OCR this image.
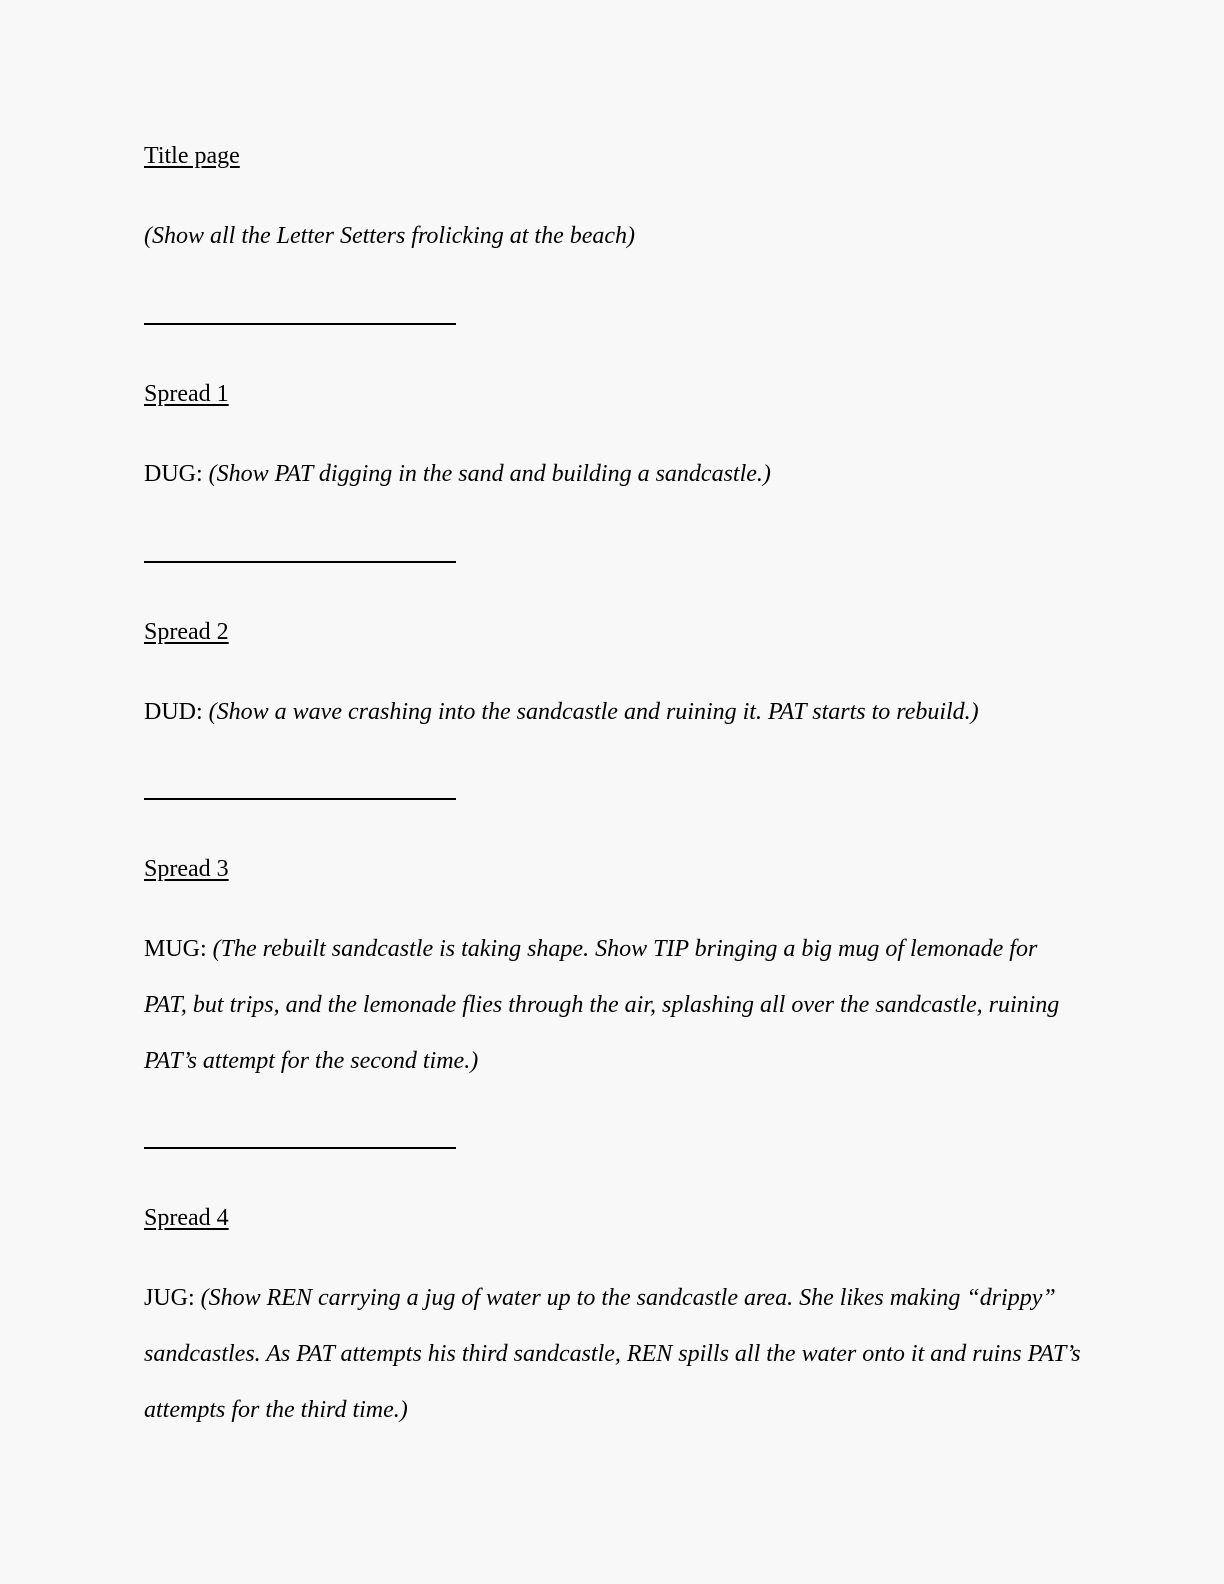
Title page
(Show all the Letter Setters frolicking at the beach)
Spread 1
DUG: (Show PAT digging in the sand and building a sandcastle.)
Spread 2
DUD: (Show a wave crashing into the sandcastle and ruining it. PAT starts to rebuild.)
Spread 3
MUG: (The rebuilt sandcastle is taking shape. Show TIP bringing a big mug of lemonade for PAT, but trips, and the lemonade flies through the air, splashing all over the sandcastle, ruining PAT’s attempt for the second time.)
Spread 4
JUG: (Show REN carrying a jug of water up to the sandcastle area. She likes making “drippy” sandcastles. As PAT attempts his third sandcastle, REN spills all the water onto it and ruins PAT’s attempts for the third time.)
